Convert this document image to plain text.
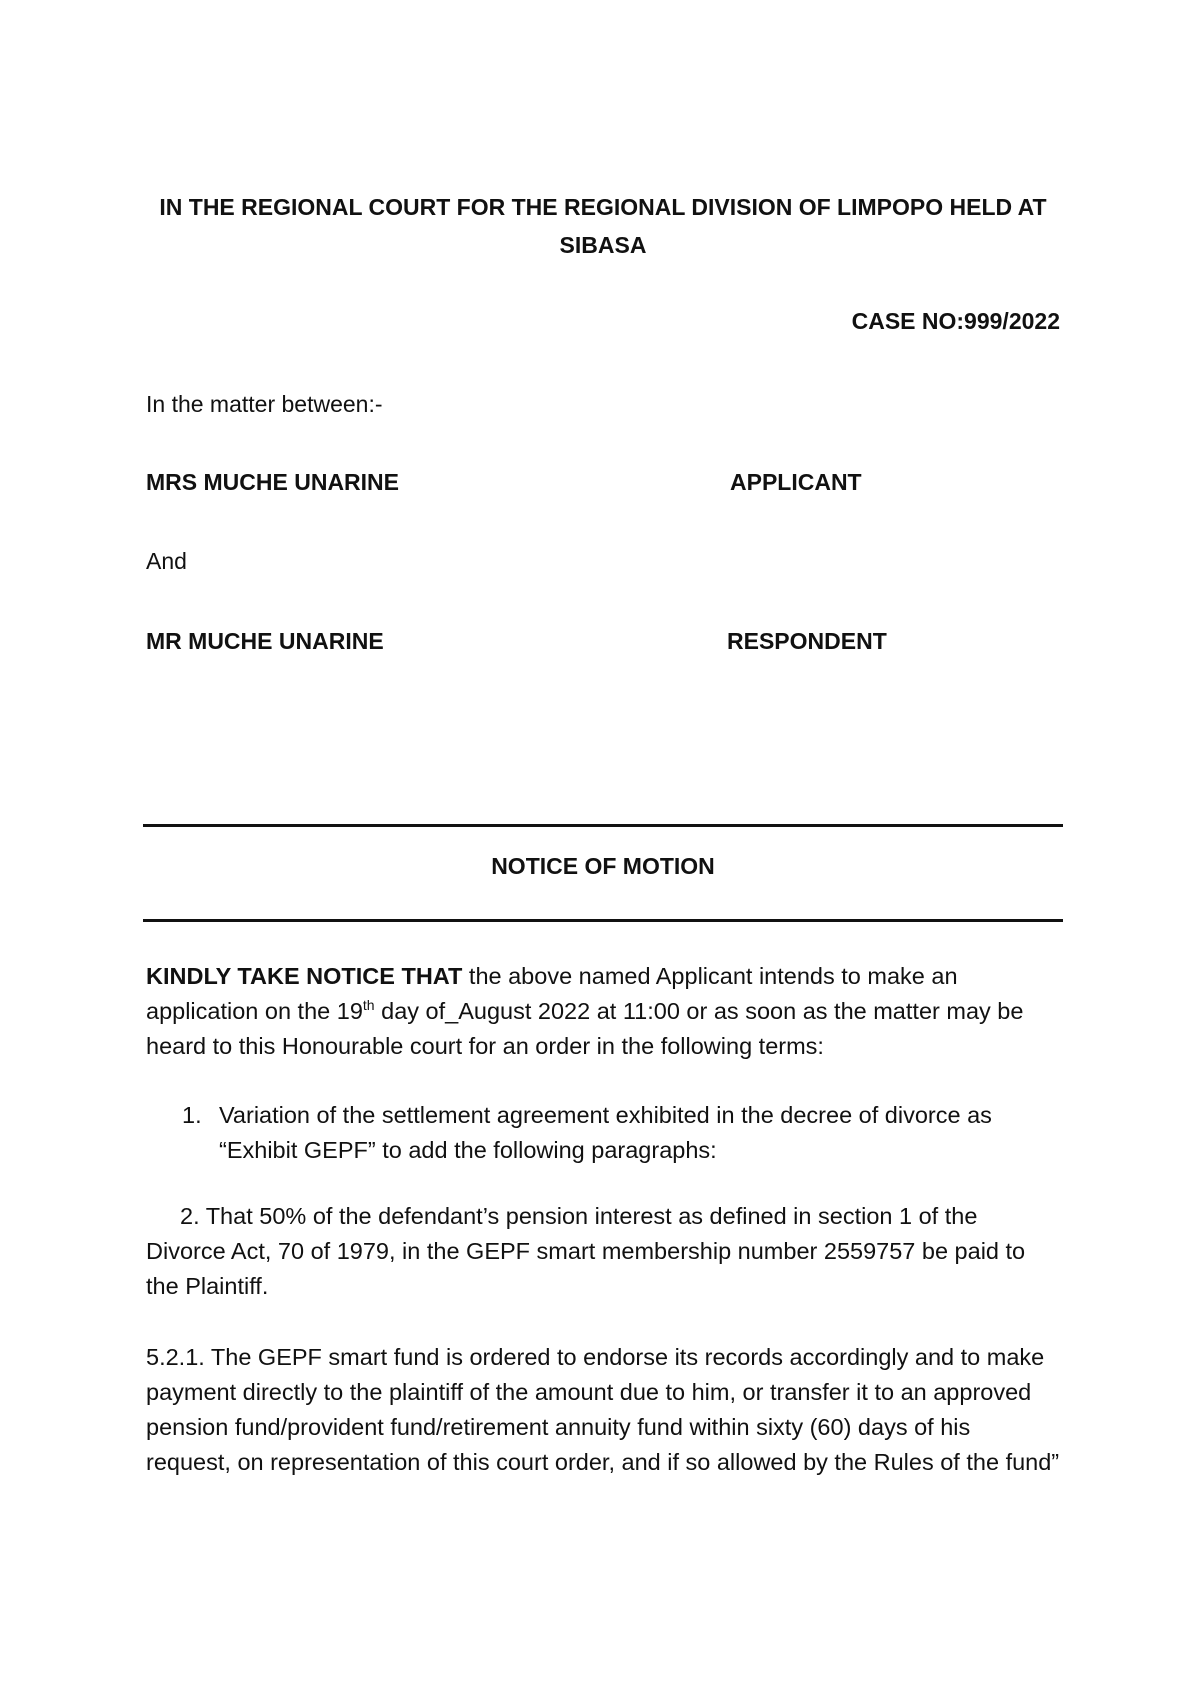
IN THE REGIONAL COURT FOR THE REGIONAL DIVISION OF LIMPOPO HELD AT
SIBASA
CASE NO:999/2022
In the matter between:-
MRS MUCHE UNARINE	APPLICANT
And
MR MUCHE UNARINE	RESPONDENT
NOTICE OF MOTION

KINDLY TAKE NOTICE THAT the above named Applicant intends to make an application on the 19th day of_August 2022 at 11:00 or as soon as the matter may be heard to this Honourable court for an order in the following terms:

1. Variation of the settlement agreement exhibited in the decree of divorce as “Exhibit GEPF” to add the following paragraphs:

2. That 50% of the defendant’s pension interest as defined in section 1 of the Divorce Act, 70 of 1979, in the GEPF smart membership number 2559757 be paid to the Plaintiff.

5.2.1. The GEPF smart fund is ordered to endorse its records accordingly and to make payment directly to the plaintiff of the amount due to him, or transfer it to an approved pension fund/provident fund/retirement annuity fund within sixty (60) days of his request, on representation of this court order, and if so allowed by the Rules of the fund”
